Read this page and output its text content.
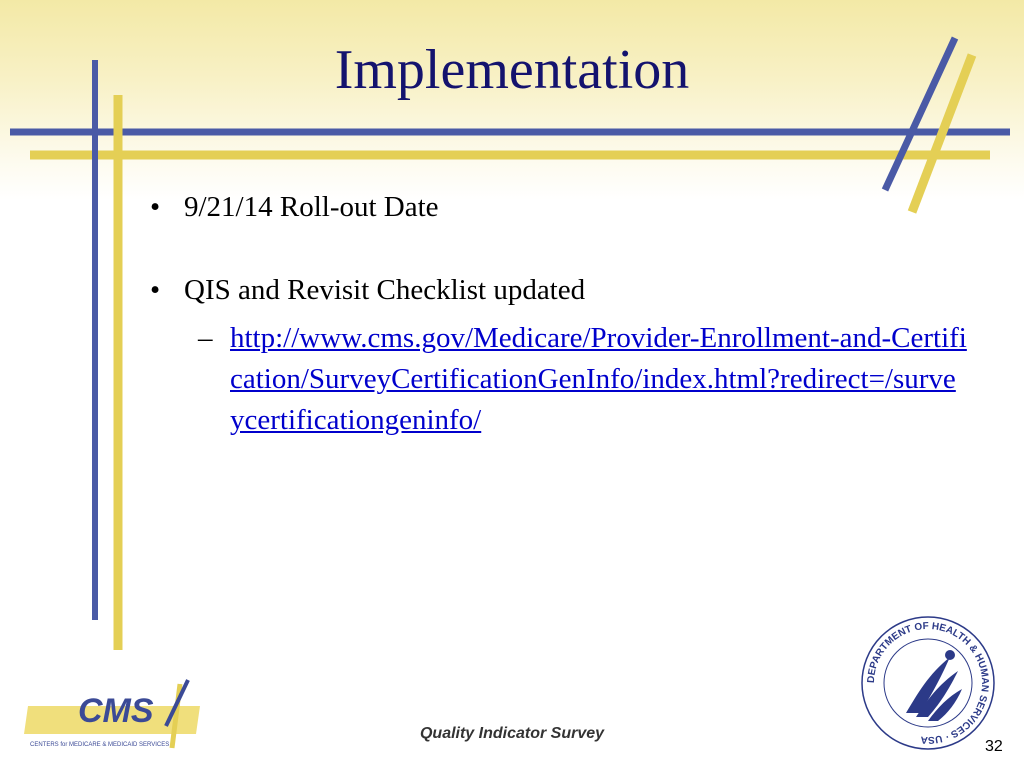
Implementation
• 9/21/14 Roll-out Date
• QIS and Revisit Checklist updated
– http://www.cms.gov/Medicare/Provider-Enrollment-and-Certification/SurveyCertificationGenInfo/index.html?redirect=/surveycertificationgeninfo/
CMS
CENTERS for MEDICARE & MEDICAID SERVICES
Quality Indicator Survey
DEPARTMENT OF HEALTH & HUMAN SERVICES · USA	32
